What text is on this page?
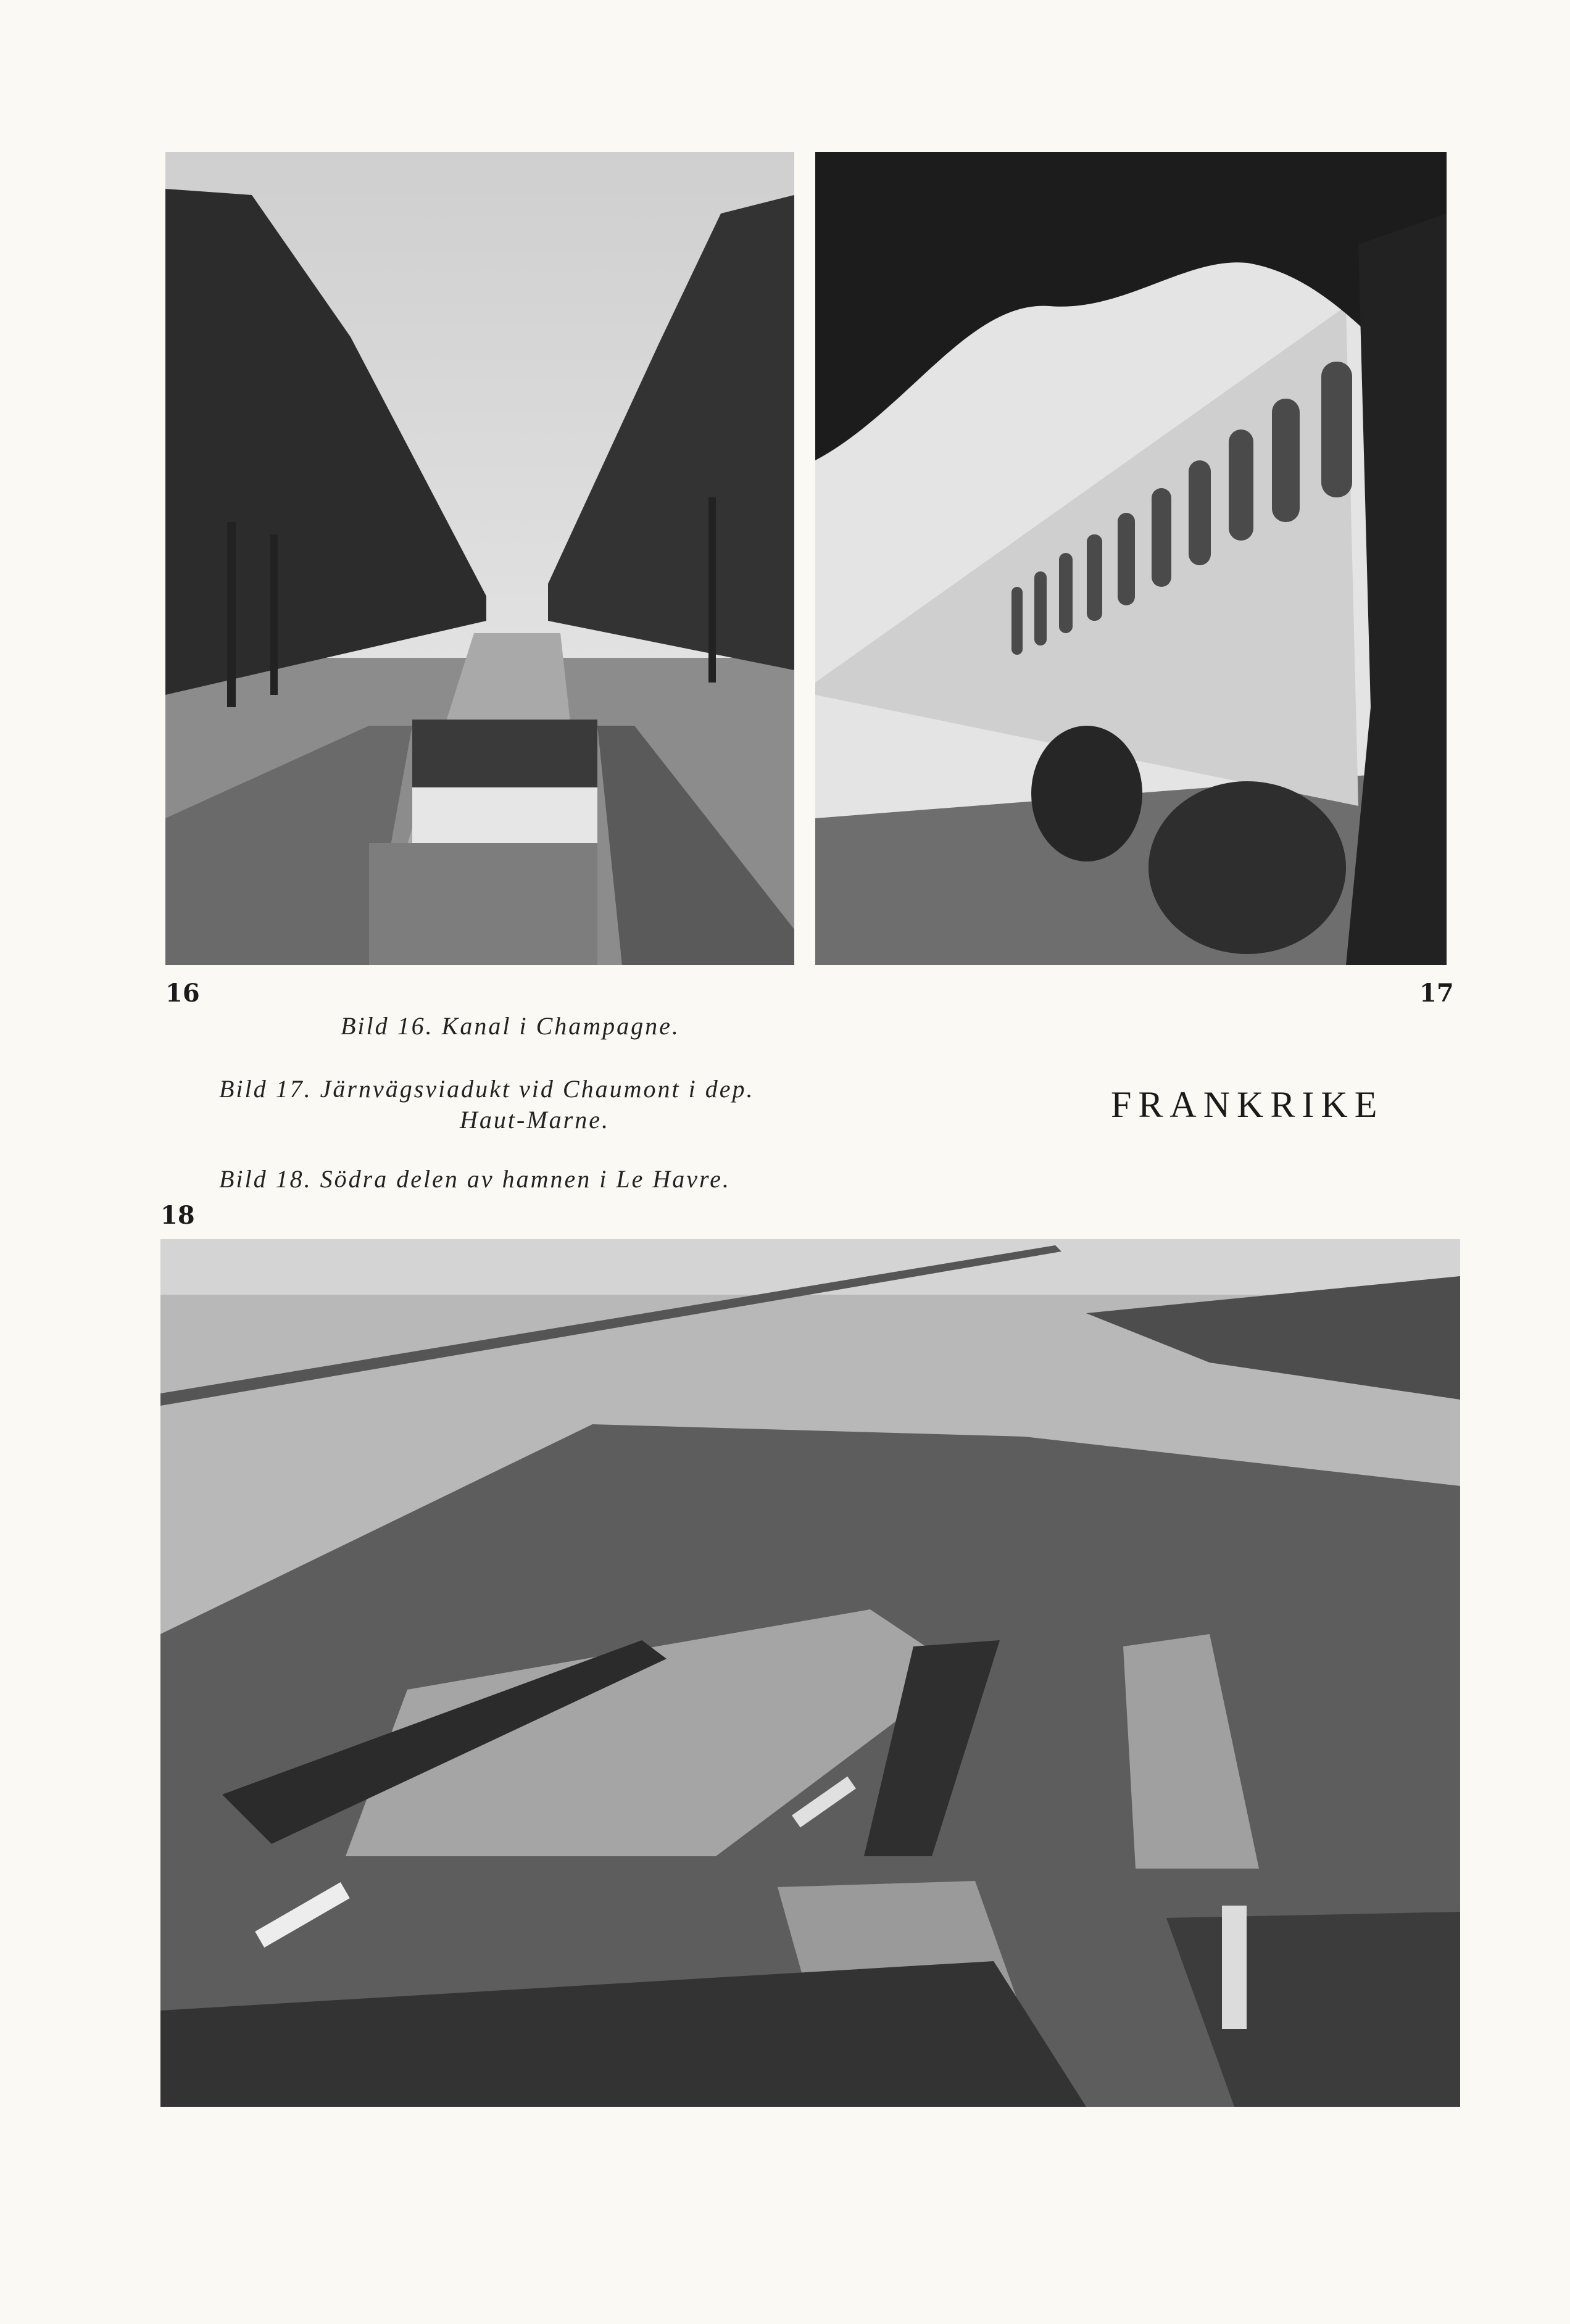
16	17
18
Bild 16. Kanal i Champagne.
Bild 17. Järnvägsviadukt vid Chaumont i dep.
Haut-Marne.
Bild 18. Södra delen av hamnen i Le Havre.
FRANKRIKE
